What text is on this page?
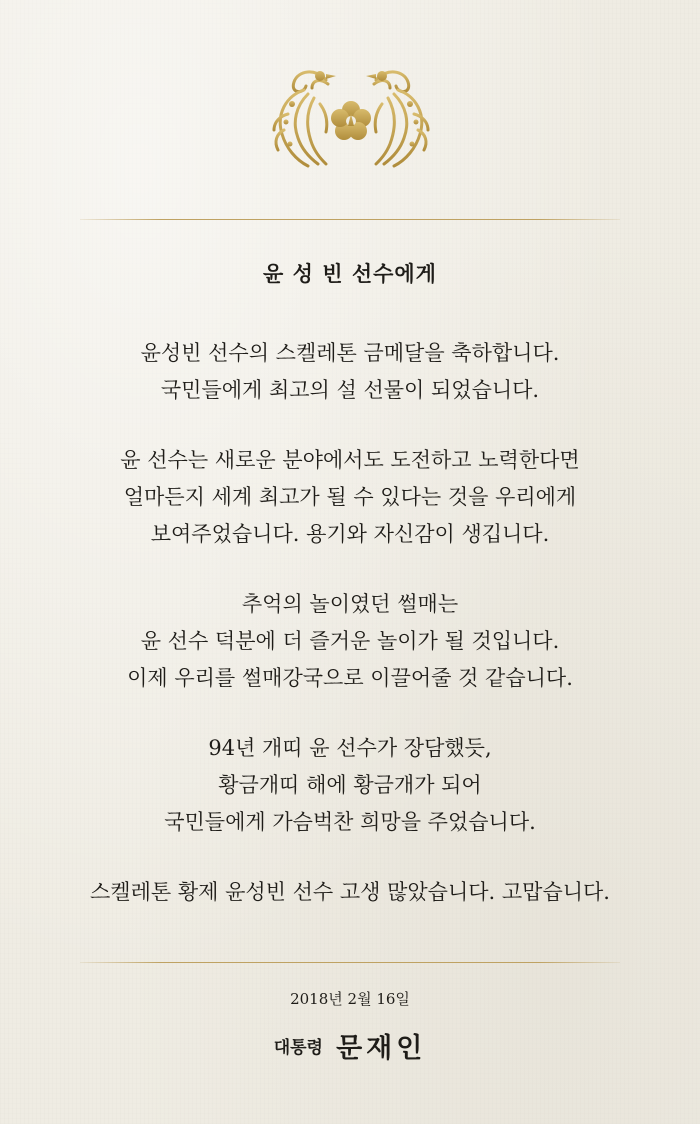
윤 성 빈 선수에게

윤성빈 선수의 스켈레톤 금메달을 축하합니다.
국민들에게 최고의 설 선물이 되었습니다.

윤 선수는 새로운 분야에서도 도전하고 노력한다면
얼마든지 세계 최고가 될 수 있다는 것을 우리에게
보여주었습니다. 용기와 자신감이 생깁니다.

추억의 놀이였던 썰매는
윤 선수 덕분에 더 즐거운 놀이가 될 것입니다.
이제 우리를 썰매강국으로 이끌어줄 것 같습니다.

94년 개띠 윤 선수가 장담했듯,
황금개띠 해에 황금개가 되어
국민들에게 가슴벅찬 희망을 주었습니다.

스켈레톤 황제 윤성빈 선수 고생 많았습니다. 고맙습니다.

2018년 2월 16일
대통령 문재인
